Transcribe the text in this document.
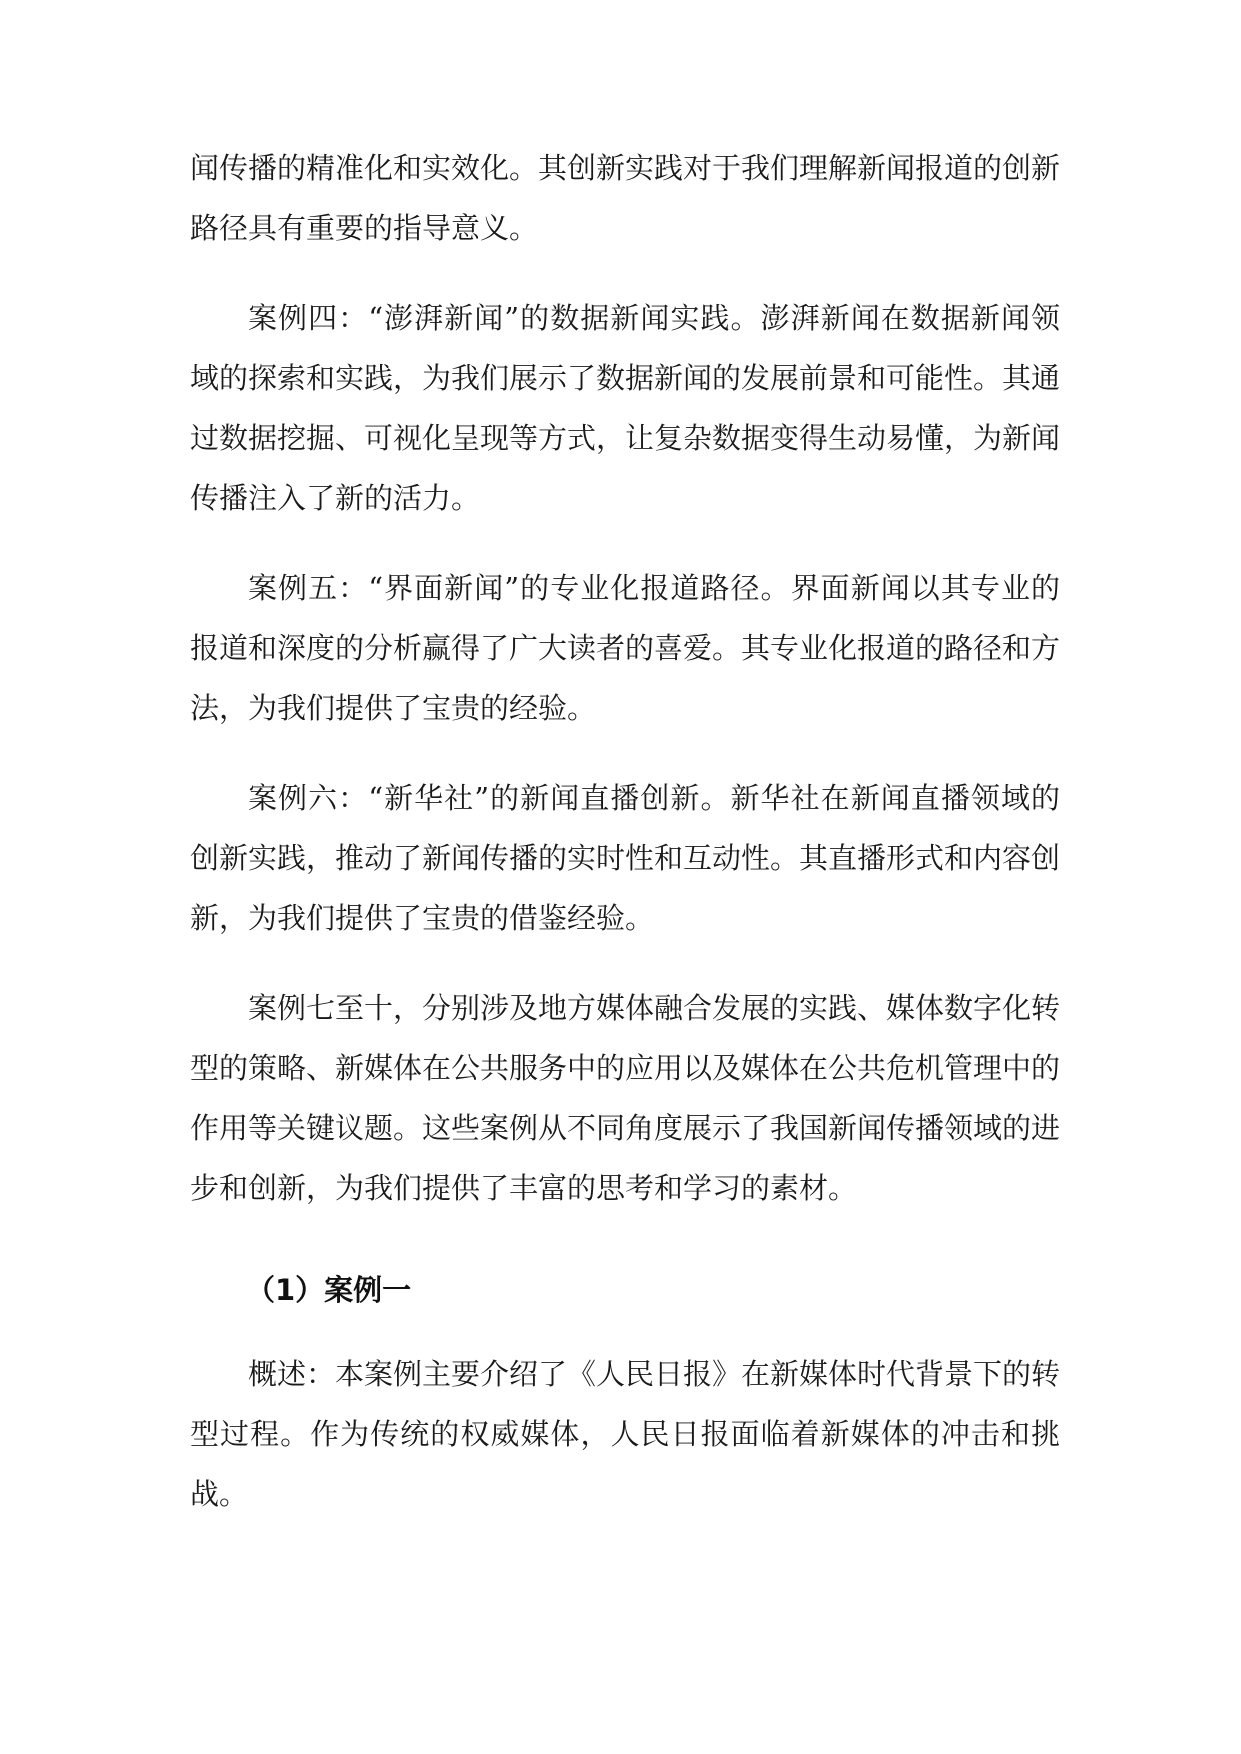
闻传播的精准化和实效化。其创新实践对于我们理解新闻报道的创新路径具有重要的指导意义。

案例四：“澎湃新闻”的数据新闻实践。澎湃新闻在数据新闻领域的探索和实践，为我们展示了数据新闻的发展前景和可能性。其通过数据挖掘、可视化呈现等方式，让复杂数据变得生动易懂，为新闻传播注入了新的活力。

案例五：“界面新闻”的专业化报道路径。界面新闻以其专业的报道和深度的分析赢得了广大读者的喜爱。其专业化报道的路径和方法，为我们提供了宝贵的经验。

案例六：“新华社”的新闻直播创新。新华社在新闻直播领域的创新实践，推动了新闻传播的实时性和互动性。其直播形式和内容创新，为我们提供了宝贵的借鉴经验。

案例七至十，分别涉及地方媒体融合发展的实践、媒体数字化转型的策略、新媒体在公共服务中的应用以及媒体在公共危机管理中的作用等关键议题。这些案例从不同角度展示了我国新闻传播领域的进步和创新，为我们提供了丰富的思考和学习的素材。

（1）案例一

概述：本案例主要介绍了《人民日报》在新媒体时代背景下的转型过程。作为传统的权威媒体，人民日报面临着新媒体的冲击和挑战。
